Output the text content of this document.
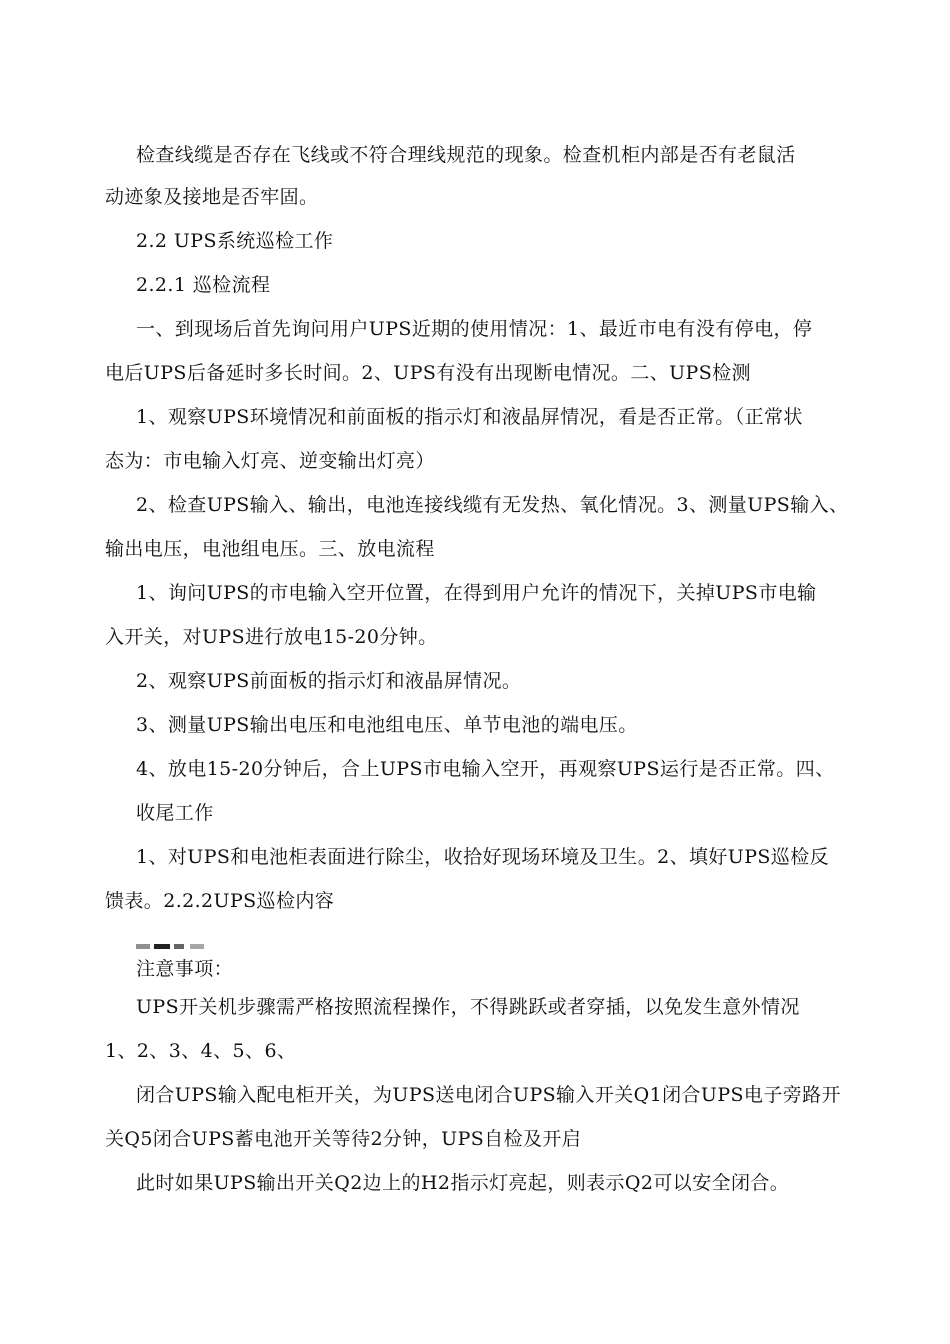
检查线缆是否存在飞线或不符合理线规范的现象。检查机柜内部是否有老鼠活
动迹象及接地是否牢固。
2.2 UPS系统巡检工作
2.2.1 巡检流程
一、到现场后首先询问用户UPS近期的使用情况：1、最近市电有没有停电，停
电后UPS后备延时多长时间。2、UPS有没有出现断电情况。二、UPS检测
1、观察UPS环境情况和前面板的指示灯和液晶屏情况，看是否正常。（正常状
态为：市电输入灯亮、逆变输出灯亮）
2、检查UPS输入、输出，电池连接线缆有无发热、氧化情况。3、测量UPS输入、
输出电压，电池组电压。三、放电流程
1、询问UPS的市电输入空开位置，在得到用户允许的情况下，关掉UPS市电输
入开关，对UPS进行放电15-20分钟。
2、观察UPS前面板的指示灯和液晶屏情况。
3、测量UPS输出电压和电池组电压、单节电池的端电压。
4、放电15-20分钟后，合上UPS市电输入空开，再观察UPS运行是否正常。四、
收尾工作
1、对UPS和电池柜表面进行除尘，收拾好现场环境及卫生。2、填好UPS巡检反
馈表。2.2.2UPS巡检内容
注意事项：
UPS开关机步骤需严格按照流程操作，不得跳跃或者穿插，以免发生意外情况
1、2、3、4、5、6、
闭合UPS输入配电柜开关，为UPS送电闭合UPS输入开关Q1闭合UPS电子旁路开
关Q5闭合UPS蓄电池开关等待2分钟，UPS自检及开启
此时如果UPS输出开关Q2边上的H2指示灯亮起，则表示Q2可以安全闭合。
